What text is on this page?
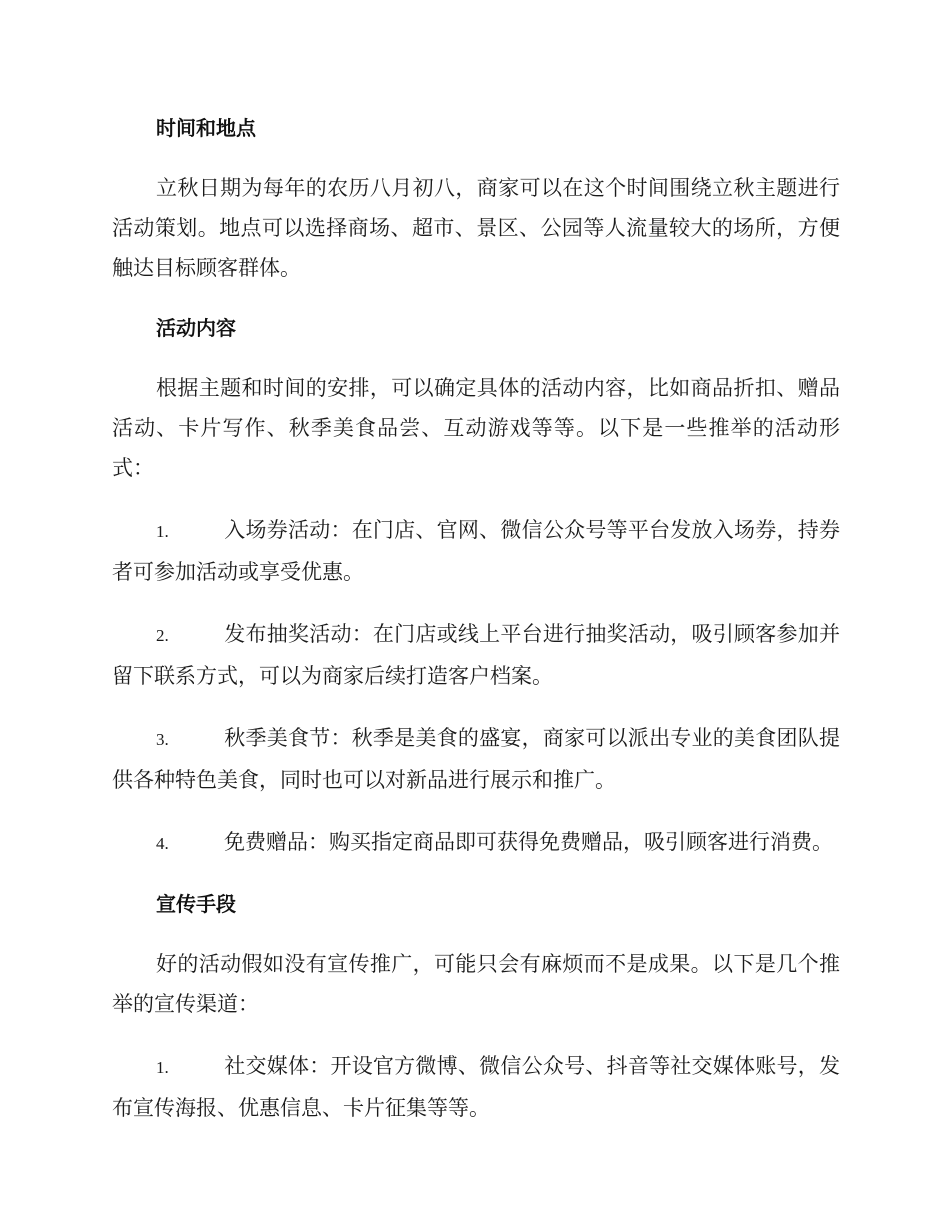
时间和地点

立秋日期为每年的农历八月初八，商家可以在这个时间围绕立秋主题进行活动策划。地点可以选择商场、超市、景区、公园等人流量较大的场所，方便触达目标顾客群体。

活动内容

根据主题和时间的安排，可以确定具体的活动内容，比如商品折扣、赠品活动、卡片写作、秋季美食品尝、互动游戏等等。以下是一些推举的活动形式：

1.	入场券活动：在门店、官网、微信公众号等平台发放入场券，持券者可参加活动或享受优惠。

2.	发布抽奖活动：在门店或线上平台进行抽奖活动，吸引顾客参加并留下联系方式，可以为商家后续打造客户档案。

3.	秋季美食节：秋季是美食的盛宴，商家可以派出专业的美食团队提供各种特色美食，同时也可以对新品进行展示和推广。

4.	免费赠品：购买指定商品即可获得免费赠品，吸引顾客进行消费。

宣传手段

好的活动假如没有宣传推广，可能只会有麻烦而不是成果。以下是几个推举的宣传渠道：

1.	社交媒体：开设官方微博、微信公众号、抖音等社交媒体账号，发布宣传海报、优惠信息、卡片征集等等。
